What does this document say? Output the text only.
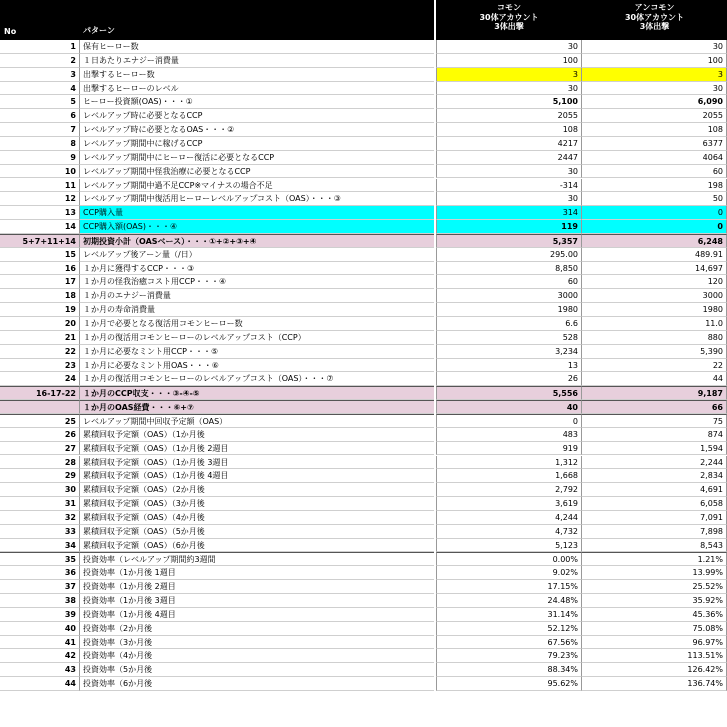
No	パターン
コモン
30体アカウント
3体出撃
アンコモン
30体アカウント
3体出撃
1 保有ヒーロー数	30	30
2 １日あたりエナジー消費量	100	100
3 出撃するヒーロー数	3	3
4 出撃するヒーローのレベル	30	30
5 ヒーロー投資額(OAS)・・・①	5,100	6,090
6 レベルアップ時に必要となるCCP	2055	2055
7 レベルアップ時に必要となるOAS・・・②	108	108
8 レベルアップ期間中に稼げるCCP	4217	6377
9 レベルアップ期間中にヒーロー復活に必要となるCCP	2447	4064
10 レベルアップ期間中怪我治療に必要となるCCP	30	60
11 レベルアップ期間中過不足CCP※マイナスの場合不足	-314	198
12 レベルアップ期間中復活用ヒーローレベルアップコスト（OAS）・・・③	30	50
13 CCP購入量	314	0
14 CCP購入額(OAS)・・・④	119	0
5+7+11+14 初期投資小計（OASベース）・・・①+②+③+④	5,357	6,248
15 レベルアップ後アーン量（/日）	295.00	489.91
16 １か月に獲得するCCP・・・③	8,850	14,697
17 １か月の怪我治癒コスト用CCP・・・④	60	120
18 １か月のエナジー消費量	3000	3000
19 １か月の寿命消費量	1980	1980
20 １か月で必要となる復活用コモンヒーロー数	6.6	11.0
21 １か月の復活用コモンヒーローのレベルアップコスト（CCP）	528	880
22 １か月に必要なミント用CCP・・・⑤	3,234	5,390
23 １か月に必要なミント用OAS・・・⑥	13	22
24 １か月の復活用コモンヒーローのレベルアップコスト（OAS）・・・⑦	26	44
16-17-22 １か月のCCP収支・・・③-④-⑤	5,556	9,187
１か月のOAS経費・・・⑥+⑦	40	66
25 レベルアップ期間中回収予定額（OAS）	0	75
26 累積回収予定額（OAS）（1か月後	483	874
27 累積回収予定額（OAS）（1か月後 2週目	919	1,594
28 累積回収予定額（OAS）（1か月後 3週目	1,312	2,244
29 累積回収予定額（OAS）（1か月後 4週目	1,668	2,834
30 累積回収予定額（OAS）（2か月後	2,792	4,691
31 累積回収予定額（OAS）（3か月後	3,619	6,058
32 累積回収予定額（OAS）（4か月後	4,244	7,091
33 累積回収予定額（OAS）（5か月後	4,732	7,898
34 累積回収予定額（OAS）（6か月後	5,123	8,543
35 投資効率（レベルアップ期間約3週間	0.00%	1.21%
36 投資効率（1か月後 1週目	9.02%	13.99%
37 投資効率（1か月後 2週目	17.15%	25.52%
38 投資効率（1か月後 3週目	24.48%	35.92%
39 投資効率（1か月後 4週目	31.14%	45.36%
40 投資効率（2か月後	52.12%	75.08%
41 投資効率（3か月後	67.56%	96.97%
42 投資効率（4か月後	79.23%	113.51%
43 投資効率（5か月後	88.34%	126.42%
44 投資効率（6か月後	95.62%	136.74%
